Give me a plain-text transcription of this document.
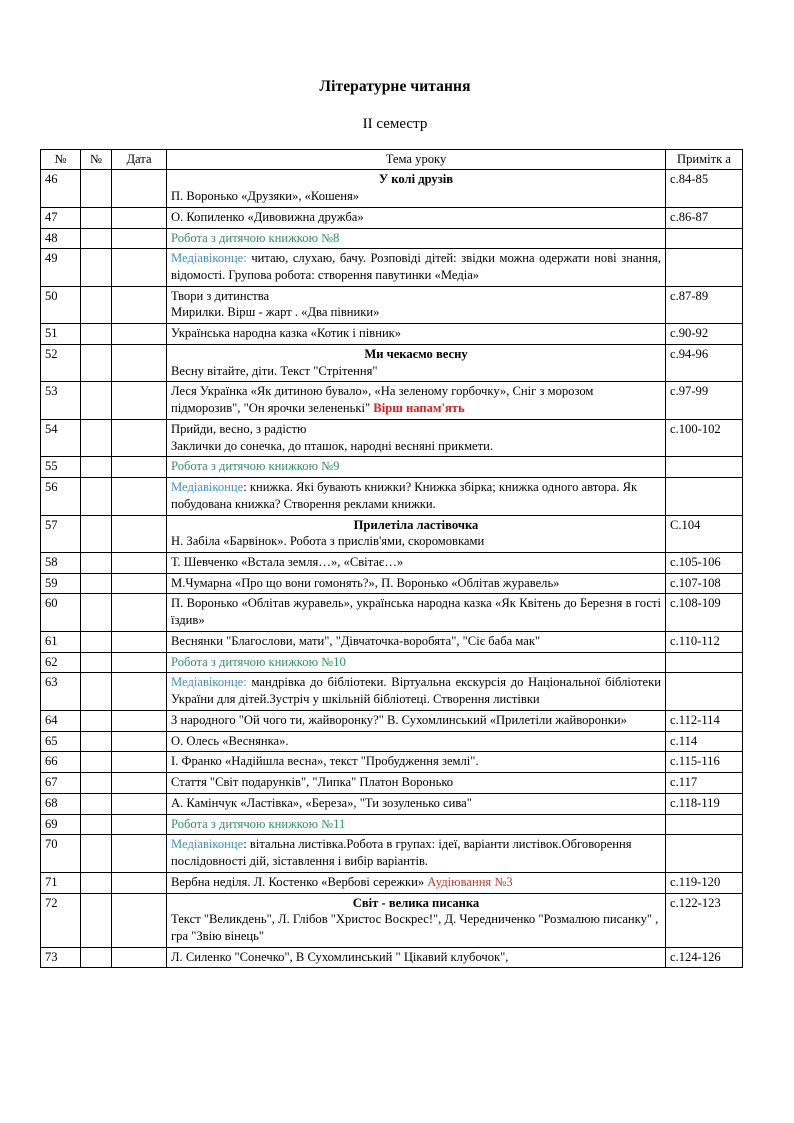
Літературне читання
II семестр
№	№	Дата	Тема уроку	Примітк а
46			У колі друзів
П. Воронько «Друзяки», «Кошеня»	с.84-85
47			О. Копиленко «Дивовижна дружба»	с.86-87
48			Робота з дитячою книжкою №8	

49			Медіавіконце: читаю, слухаю, бачу. Розповіді дітей: звідки можна одержати нові знання, відомості. Групова робота: створення павутинки «Медіа»	

50			Твори з дитинства
Мирилки. Вірш - жарт . «Два півники»	с.87-89
51			Українська народна казка «Котик і півник»	с.90-92
52			Ми чекаємо весну
Весну вітайте, діти. Текст "Стрітення"	с.94-96
53			Леся Українка «Як дитиною бувало», «На зеленому горбочку», Сніг з морозом підморозив", "Он ярочки зелененькі" Вірш напам'ять	с.97-99
54			Прийди, весно, з радістю
Заклички до сонечка, до пташок, народні весняні прикмети.	с.100-102
55			Робота з дитячою книжкою №9	

56			Медіавіконце: книжка. Які бувають книжки? Книжка збірка; книжка одного автора. Як побудована книжка? Створення реклами книжки.	

57			Прилетіла ластівочка
Н. Забіла «Барвінок». Робота з прислів'ями, скоромовками	С.104
58			Т. Шевченко «Встала земля…», «Світає…»	с.105-106
59			М.Чумарна «Про що вони гомонять?», П. Воронько «Облітав журавель»	с.107-108
60			П. Воронько «Облітав журавель», українська народна казка «Як Квітень до Березня в гості їздив»	с.108-109
61			Веснянки "Благослови, мати", "Дівчаточка-воробята", "Сіє баба мак"	с.110-112
62			Робота з дитячою книжкою №10	

63			Медіавіконце: мандрівка до бібліотеки. Віртуальна екскурсія до Національної бібліотеки України для дітей.Зустріч у шкільній бібліотеці. Створення листівки	

64			З народного "Ой чого ти, жайворонку?" В. Сухомлинський «Прилетіли жайворонки»	с.112-114
65			О. Олесь «Веснянка».	с.114
66			І. Франко «Надійшла весна», текст "Пробудження землі".	с.115-116
67			Стаття "Світ подарунків", "Липка" Платон Воронько	с.117
68			А. Камінчук «Ластівка», «Береза», "Ти зозуленько сива"	с.118-119
69			Робота з дитячою книжкою №11	

70			Медіавіконце: вітальна листівка.Робота в групах: ідеї, варіанти листівок.Обговорення послідовності дій, зіставлення і вибір варіантів.	

71			Вербна неділя. Л. Костенко «Вербові сережки» Аудіювання №3	с.119-120
72			Світ - велика писанка
Текст "Великдень", Л. Глібов "Христос Воскрес!", Д. Чередниченко "Розмалюю писанку" , гра "Звію вінець"	с.122-123
73			Л. Силенко "Сонечко", В Сухомлинський " Цікавий клубочок",	с.124-126
